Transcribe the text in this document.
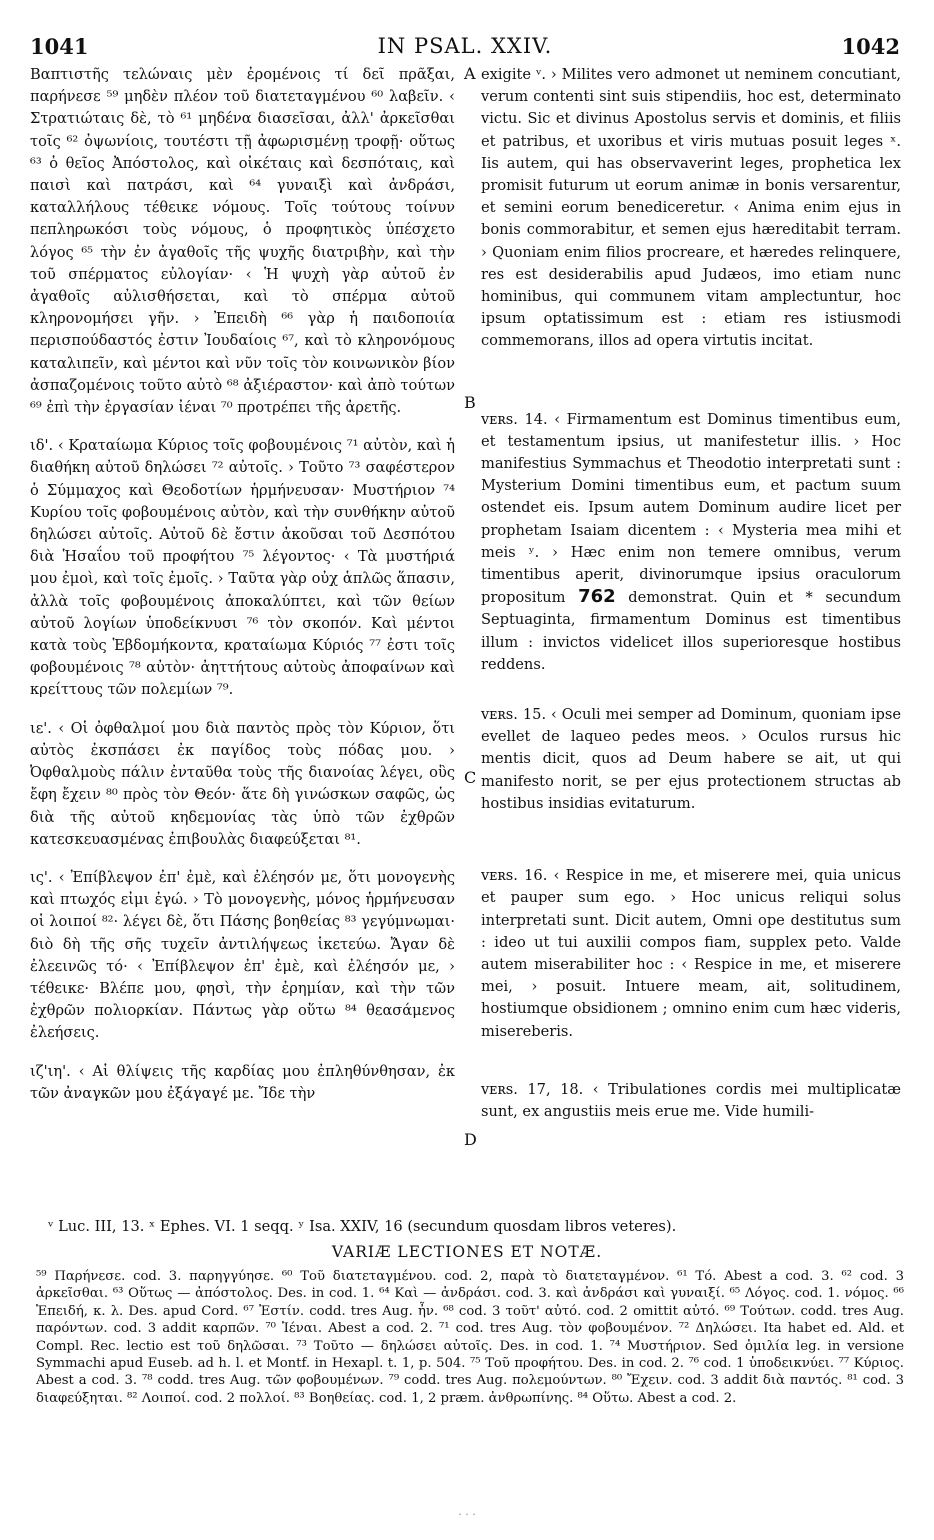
1041	IN PSAL. XXIV.	1042

Βαπτιστῆς τελώναις μὲν ἐρομένοις τί δεῖ πρᾶξαι, παρήνεσε ⁵⁹ μηδὲν πλέον τοῦ διατεταγμένου ⁶⁰ λαβεῖν. ‹ Στρατιώταις δὲ, τὸ ⁶¹ μηδένα διασεῖσαι, ἀλλ' ἀρκεῖσθαι τοῖς ⁶² ὀψωνίοις, τουτέστι τῇ ἀφωρισμένῃ τροφῇ· οὕτως ⁶³ ὁ θεῖος Ἀπόστολος, καὶ οἰκέταις καὶ δεσπόταις, καὶ παισὶ καὶ πατράσι, καὶ ⁶⁴ γυναιξὶ καὶ ἀνδράσι, καταλλήλους τέθεικε νόμους. Τοῖς τούτους τοίνυν πεπληρωκόσι τοὺς νόμους, ὁ προφητικὸς ὑπέσχετο λόγος ⁶⁵ τὴν ἐν ἀγαθοῖς τῆς ψυχῆς διατριβὴν, καὶ τὴν τοῦ σπέρματος εὐλογίαν· ‹ Ἡ ψυχὴ γὰρ αὐτοῦ ἐν ἀγαθοῖς αὐλισθήσεται, καὶ τὸ σπέρμα αὐτοῦ κληρονομήσει γῆν. › Ἐπειδὴ ⁶⁶ γὰρ ἡ παιδοποιία περισπούδαστός ἐστιν Ἰουδαίοις ⁶⁷, καὶ τὸ κληρονόμους καταλιπεῖν, καὶ μέντοι καὶ νῦν τοῖς τὸν κοινωνικὸν βίον ἀσπαζομένοις τοῦτο αὐτὸ ⁶⁸ ἀξιέραστον· καὶ ἀπὸ τούτων ⁶⁹ ἐπὶ τὴν ἐργασίαν ἰέναι ⁷⁰ προτρέπει τῆς ἀρετῆς.

ιδ'. ‹ Κραταίωμα Κύριος τοῖς φοβουμένοις ⁷¹ αὐτὸν, καὶ ἡ διαθήκη αὐτοῦ δηλώσει ⁷² αὐτοῖς. › Τοῦτο ⁷³ σαφέστερον ὁ Σύμμαχος καὶ Θεοδοτίων ἡρμήνευσαν· Μυστήριον ⁷⁴ Κυρίου τοῖς φοβουμένοις αὐτὸν, καὶ τὴν συνθήκην αὐτοῦ δηλώσει αὐτοῖς. Αὐτοῦ δὲ ἔστιν ἀκοῦσαι τοῦ Δεσπότου διὰ Ἡσαΐου τοῦ προφήτου ⁷⁵ λέγοντος· ‹ Τὰ μυστήριά μου ἐμοὶ, καὶ τοῖς ἐμοῖς. › Ταῦτα γὰρ οὐχ ἁπλῶς ἅπασιν, ἀλλὰ τοῖς φοβουμένοις ἀποκαλύπτει, καὶ τῶν θείων αὐτοῦ λογίων ὑποδείκνυσι ⁷⁶ τὸν σκοπόν. Καὶ μέντοι κατὰ τοὺς Ἑβδομήκοντα, κραταίωμα Κύριός ⁷⁷ ἐστι τοῖς φοβουμένοις ⁷⁸ αὐτὸν· ἀηττήτους αὐτοὺς ἀποφαίνων καὶ κρείττους τῶν πολεμίων ⁷⁹.

ιε'. ‹ Οἱ ὀφθαλμοί μου διὰ παντὸς πρὸς τὸν Κύριον, ὅτι αὐτὸς ἐκσπάσει ἐκ παγίδος τοὺς πόδας μου. › Ὀφθαλμοὺς πάλιν ἐνταῦθα τοὺς τῆς διανοίας λέγει, οὓς ἔφη ἔχειν ⁸⁰ πρὸς τὸν Θεόν· ἅτε δὴ γινώσκων σαφῶς, ὡς διὰ τῆς αὐτοῦ κηδεμονίας τὰς ὑπὸ τῶν ἐχθρῶν κατεσκευασμένας ἐπιβουλὰς διαφεύξεται ⁸¹.

ις'. ‹ Ἐπίβλεψον ἐπ' ἐμὲ, καὶ ἐλέησόν με, ὅτι μονογενὴς καὶ πτωχός εἰμι ἐγώ. › Τὸ μονογενὴς, μόνος ἡρμήνευσαν οἱ λοιποί ⁸²· λέγει δὲ, ὅτι Πάσης βοηθείας ⁸³ γεγύμνωμαι· διὸ δὴ τῆς σῆς τυχεῖν ἀντιλήψεως ἱκετεύω. Ἄγαν δὲ ἐλεεινῶς τό· ‹ Ἐπίβλεψον ἐπ' ἐμὲ, καὶ ἐλέησόν με, › τέθεικε· Βλέπε μου, φησὶ, τὴν ἐρημίαν, καὶ τὴν τῶν ἐχθρῶν πολιορκίαν. Πάντως γὰρ οὕτω ⁸⁴ θεασάμενος ἐλεήσεις.

ιζ'ιη'. ‹ Αἱ θλίψεις τῆς καρδίας μου ἐπληθύνθησαν, ἐκ τῶν ἀναγκῶν μου ἐξάγαγέ με. Ἴδε τὴν

A
B
C
D

exigite ᵛ. › Milites vero admonet ut neminem concutiant, verum contenti sint suis stipendiis, hoc est, determinato victu. Sic et divinus Apostolus servis et dominis, et filiis et patribus, et uxoribus et viris mutuas posuit leges ˣ. Iis autem, qui has observaverint leges, prophetica lex promisit futurum ut eorum animæ in bonis versarentur, et semini eorum benediceretur. ‹ Anima enim ejus in bonis commorabitur, et semen ejus hæreditabit terram. › Quoniam enim filios procreare, et hæredes relinquere, res est desiderabilis apud Judæos, imo etiam nunc hominibus, qui communem vitam amplectuntur, hoc ipsum optatissimum est : etiam res istiusmodi commemorans, illos ad opera virtutis incitat.

ᴠᴇʀs. 14. ‹ Firmamentum est Dominus timentibus eum, et testamentum ipsius, ut manifestetur illis. › Hoc manifestius Symmachus et Theodotio interpretati sunt : Mysterium Domini timentibus eum, et pactum suum ostendet eis. Ipsum autem Dominum audire licet per prophetam Isaiam dicentem : ‹ Mysteria mea mihi et meis ʸ. › Hæc enim non temere omnibus, verum timentibus aperit, divinorumque ipsius oraculorum propositum 762 demonstrat. Quin et * secundum Septuaginta, firmamentum Dominus est timentibus illum : invictos videlicet illos superioresque hostibus reddens.

ᴠᴇʀs. 15. ‹ Oculi mei semper ad Dominum, quoniam ipse evellet de laqueo pedes meos. › Oculos rursus hic mentis dicit, quos ad Deum habere se ait, ut qui manifesto norit, se per ejus protectionem structas ab hostibus insidias evitaturum.

ᴠᴇʀs. 16. ‹ Respice in me, et miserere mei, quia unicus et pauper sum ego. › Hoc unicus reliqui solus interpretati sunt. Dicit autem, Omni ope destitutus sum : ideo ut tui auxilii compos fiam, supplex peto. Valde autem miserabiliter hoc : ‹ Respice in me, et miserere mei, › posuit. Intuere meam, ait, solitudinem, hostiumque obsidionem ; omnino enim cum hæc videris, misereberis.

ᴠᴇʀs. 17, 18. ‹ Tribulationes cordis mei multiplicatæ sunt, ex angustiis meis erue me. Vide humili-

ᵛ Luc. III, 13. ˣ Ephes. VI. 1 seqq. ʸ Isa. XXIV, 16 (secundum quosdam libros veteres).
VARIÆ LECTIONES ET NOTÆ.

⁵⁹ Παρήνεσε. cod. 3. παρηγγύησε. ⁶⁰ Τοῦ διατεταγμένου. cod. 2, παρὰ τὸ διατεταγμένον. ⁶¹ Τό. Abest a cod. 3. ⁶² cod. 3 ἀρκεῖσθαι. ⁶³ Οὕτως — ἀπόστολος. Des. in cod. 1. ⁶⁴ Καὶ — ἀνδράσι. cod. 3. καὶ ἀνδράσι καὶ γυναιξί. ⁶⁵ Λόγος. cod. 1. νόμος. ⁶⁶ Ἐπειδή, κ. λ. Des. apud Cord. ⁶⁷ Ἐστίν. codd. tres Aug. ἦν. ⁶⁸ cod. 3 τοῦτ' αὐτό. cod. 2 omittit αὐτό. ⁶⁹ Τούτων. codd. tres Aug. παρόντων. cod. 3 addit καρπῶν. ⁷⁰ Ἰέναι. Abest a cod. 2. ⁷¹ cod. tres Aug. τὸν φοβουμένον. ⁷² Δηλώσει. Ita habet ed. Ald. et Compl. Rec. lectio est τοῦ δηλῶσαι. ⁷³ Τοῦτο — δηλώσει αὐτοῖς. Des. in cod. 1. ⁷⁴ Μυστήριον. Sed ὁμιλία leg. in versione Symmachi apud Euseb. ad h. l. et Montf. in Hexapl. t. 1, p. 504. ⁷⁵ Τοῦ προφήτου. Des. in cod. 2. ⁷⁶ cod. 1 ὑποδεικνύει. ⁷⁷ Κύριος. Abest a cod. 3. ⁷⁸ codd. tres Aug. τῶν φοβουμένων. ⁷⁹ codd. tres Aug. πολεμούντων. ⁸⁰ Ἔχειν. cod. 3 addit διὰ παντός. ⁸¹ cod. 3 διαφεύξηται. ⁸² Λοιποί. cod. 2 πολλοί. ⁸³ Βοηθείας. cod. 1, 2 præm. ἀνθρωπίνης. ⁸⁴ Οὕτω. Abest a cod. 2.

· · ·
